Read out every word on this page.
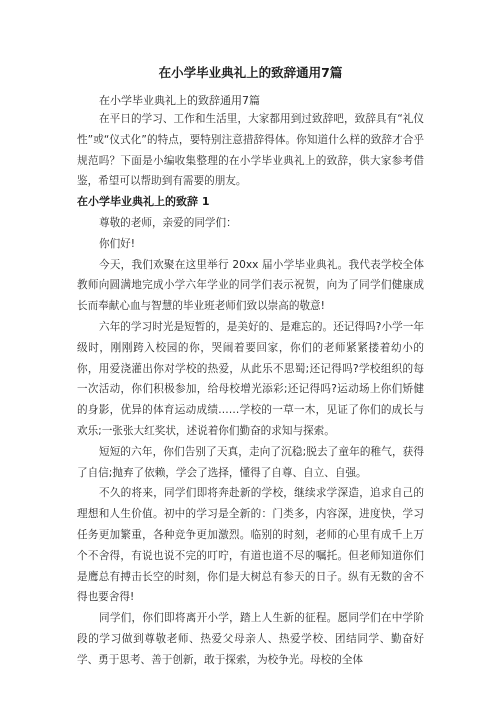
在小学毕业典礼上的致辞通用7篇

在小学毕业典礼上的致辞通用7篇

在平日的学习、工作和生活里，大家都用到过致辞吧，致辞具有“礼仪性”或“仪式化”的特点，要特别注意措辞得体。你知道什么样的致辞才合乎规范吗？下面是小编收集整理的在小学毕业典礼上的致辞，供大家参考借鉴，希望可以帮助到有需要的朋友。

在小学毕业典礼上的致辞 1

尊敬的老师，亲爱的同学们：

你们好!

今天，我们欢聚在这里举行 20xx 届小学毕业典礼。我代表学校全体教师向圆满地完成小学六年学业的同学们表示祝贺，向为了同学们健康成长而奉献心血与智慧的毕业班老师们致以崇高的敬意!

六年的学习时光是短暂的，是美好的、是难忘的。还记得吗?小学一年级时，刚刚跨入校园的你，哭闹着要回家，你们的老师紧紧搂着幼小的你，用爱浇灌出你对学校的热爱，从此乐不思蜀;还记得吗?学校组织的每一次活动，你们积极参加，给母校增光添彩;还记得吗?运动场上你们矫健的身影，优异的体育运动成绩……学校的一草一木，见证了你们的成长与欢乐;一张张大红奖状，述说着你们勤奋的求知与探索。

短短的六年，你们告别了天真，走向了沉稳;脱去了童年的稚气，获得了自信;抛弃了依赖，学会了选择，懂得了自尊、自立、自强。

不久的将来，同学们即将奔赴新的学校，继续求学深造，追求自己的理想和人生价值。初中的学习是全新的：门类多，内容深，进度快，学习任务更加繁重，各种竞争更加激烈。临别的时刻，老师的心里有成千上万个不舍得，有说也说不完的叮咛，有道也道不尽的嘱托。但老师知道你们是鹰总有搏击长空的时刻，你们是大树总有参天的日子。纵有无数的舍不得也要舍得!

同学们，你们即将离开小学，踏上人生新的征程。愿同学们在中学阶段的学习做到尊敬老师、热爱父母亲人、热爱学校、团结同学、勤奋好学、勇于思考、善于创新，敢于探索，为校争光。母校的全体
